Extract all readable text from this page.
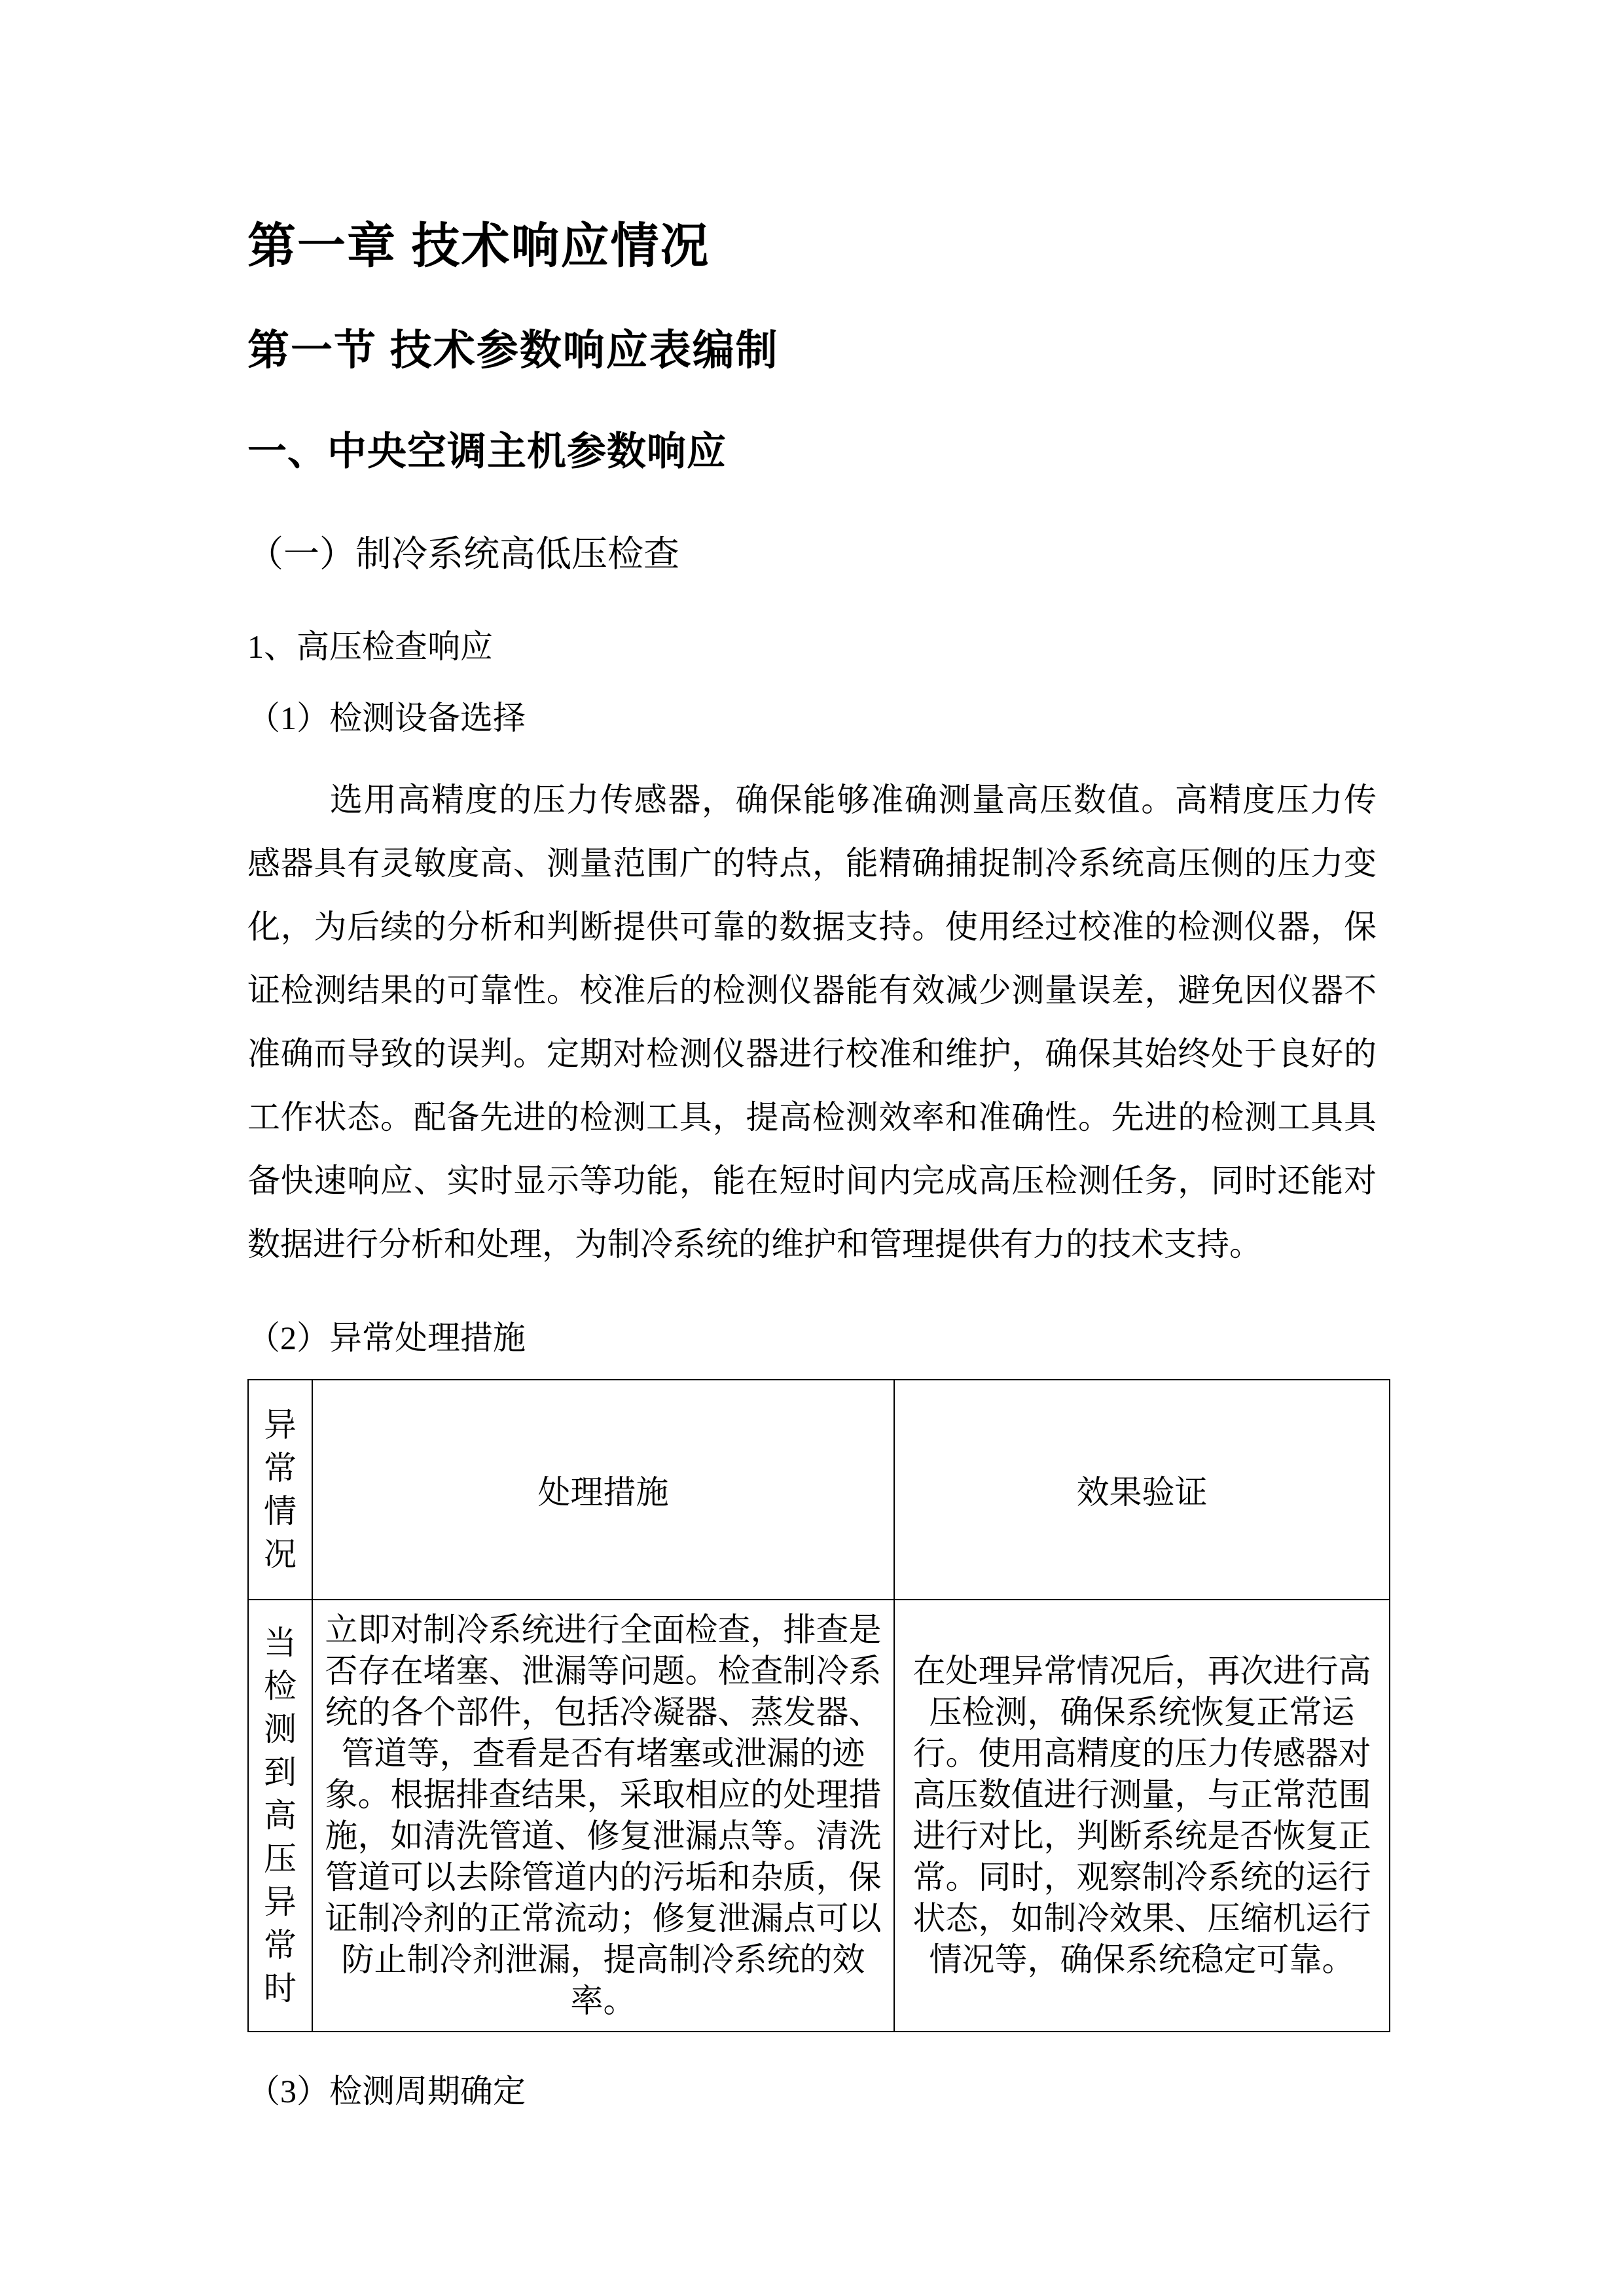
第一章 技术响应情况
第一节 技术参数响应表编制
一、中央空调主机参数响应
（一）制冷系统高低压检查
1、高压检查响应
（1）检测设备选择

选用高精度的压力传感器，确保能够准确测量高压数值。高精度压力传感器具有灵敏度高、测量范围广的特点，能精确捕捉制冷系统高压侧的压力变化，为后续的分析和判断提供可靠的数据支持。使用经过校准的检测仪器，保证检测结果的可靠性。校准后的检测仪器能有效减少测量误差，避免因仪器不准确而导致的误判。定期对检测仪器进行校准和维护，确保其始终处于良好的工作状态。配备先进的检测工具，提高检测效率和准确性。先进的检测工具具备快速响应、实时显示等功能，能在短时间内完成高压检测任务，同时还能对数据进行分析和处理，为制冷系统的维护和管理提供有力的技术支持。

（2）异常处理措施
异常情况	处理措施	效果验证
当检测到高压异常时	立即对制冷系统进行全面检查，排查是否存在堵塞、泄漏等问题。检查制冷系统的各个部件，包括冷凝器、蒸发器、管道等，查看是否有堵塞或泄漏的迹象。根据排查结果，采取相应的处理措施，如清洗管道、修复泄漏点等。清洗管道可以去除管道内的污垢和杂质，保证制冷剂的正常流动；修复泄漏点可以防止制冷剂泄漏，提高制冷系统的效率。	在处理异常情况后，再次进行高压检测，确保系统恢复正常运行。使用高精度的压力传感器对高压数值进行测量，与正常范围进行对比，判断系统是否恢复正常。同时，观察制冷系统的运行状态，如制冷效果、压缩机运行情况等，确保系统稳定可靠。
（3）检测周期确定
